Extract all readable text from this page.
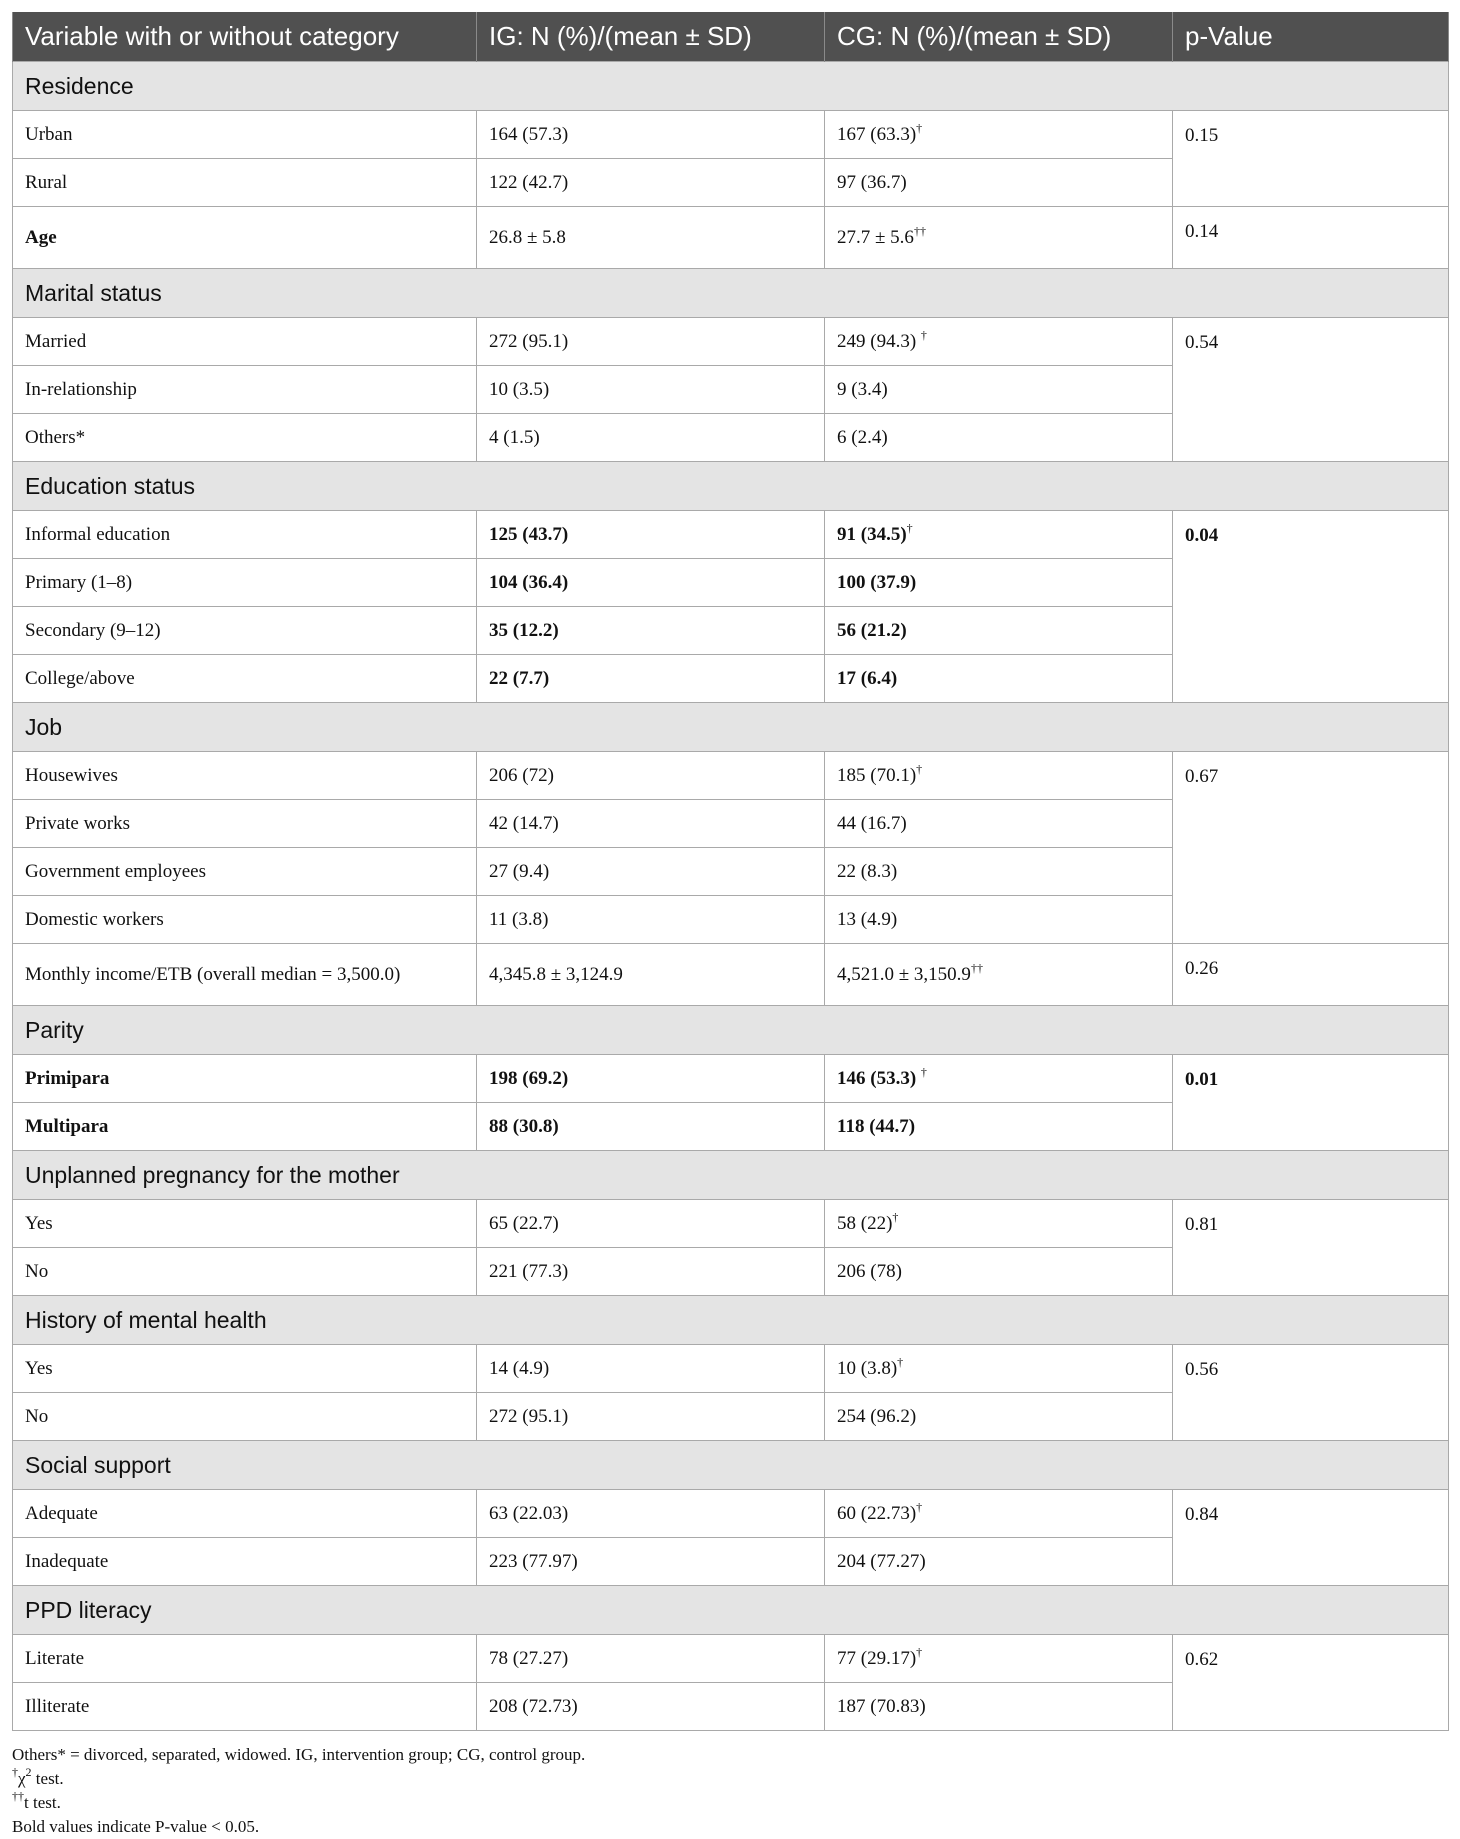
Variable with or without category	IG: N (%)/(mean ± SD)	CG: N (%)/(mean ± SD)	p-Value
Residence			
Urban	164 (57.3)	167 (63.3)†	0.15
Rural	122 (42.7)	97 (36.7)	
Age	26.8 ± 5.8	27.7 ± 5.6††	0.14
Marital status			
Married	272 (95.1)	249 (94.3) †	0.54
In-relationship	10 (3.5)	9 (3.4)	
Others*	4 (1.5)	6 (2.4)	
Education status			
Informal education	125 (43.7)	91 (34.5)†	0.04
Primary (1–8)	104 (36.4)	100 (37.9)	
Secondary (9–12)	35 (12.2)	56 (21.2)	
College/above	22 (7.7)	17 (6.4)	
Job			
Housewives	206 (72)	185 (70.1)†	0.67
Private works	42 (14.7)	44 (16.7)	
Government employees	27 (9.4)	22 (8.3)	
Domestic workers	11 (3.8)	13 (4.9)	
Monthly income/ETB (overall median = 3,500.0)	4,345.8 ± 3,124.9	4,521.0 ± 3,150.9††	0.26
Parity			
Primipara	198 (69.2)	146 (53.3) †	0.01
Multipara	88 (30.8)	118 (44.7)	
Unplanned pregnancy for the mother			
Yes	65 (22.7)	58 (22)†	0.81
No	221 (77.3)	206 (78)	
History of mental health			
Yes	14 (4.9)	10 (3.8)†	0.56
No	272 (95.1)	254 (96.2)	
Social support			
Adequate	63 (22.03)	60 (22.73)†	0.84
Inadequate	223 (77.97)	204 (77.27)	
PPD literacy			
Literate	78 (27.27)	77 (29.17)†	0.62
Illiterate	208 (72.73)	187 (70.83)	
Others* = divorced, separated, widowed. IG, intervention group; CG, control group.
$^\dagger\chi^2$ test.
††t test.
Bold values indicate P-value < 0.05.
